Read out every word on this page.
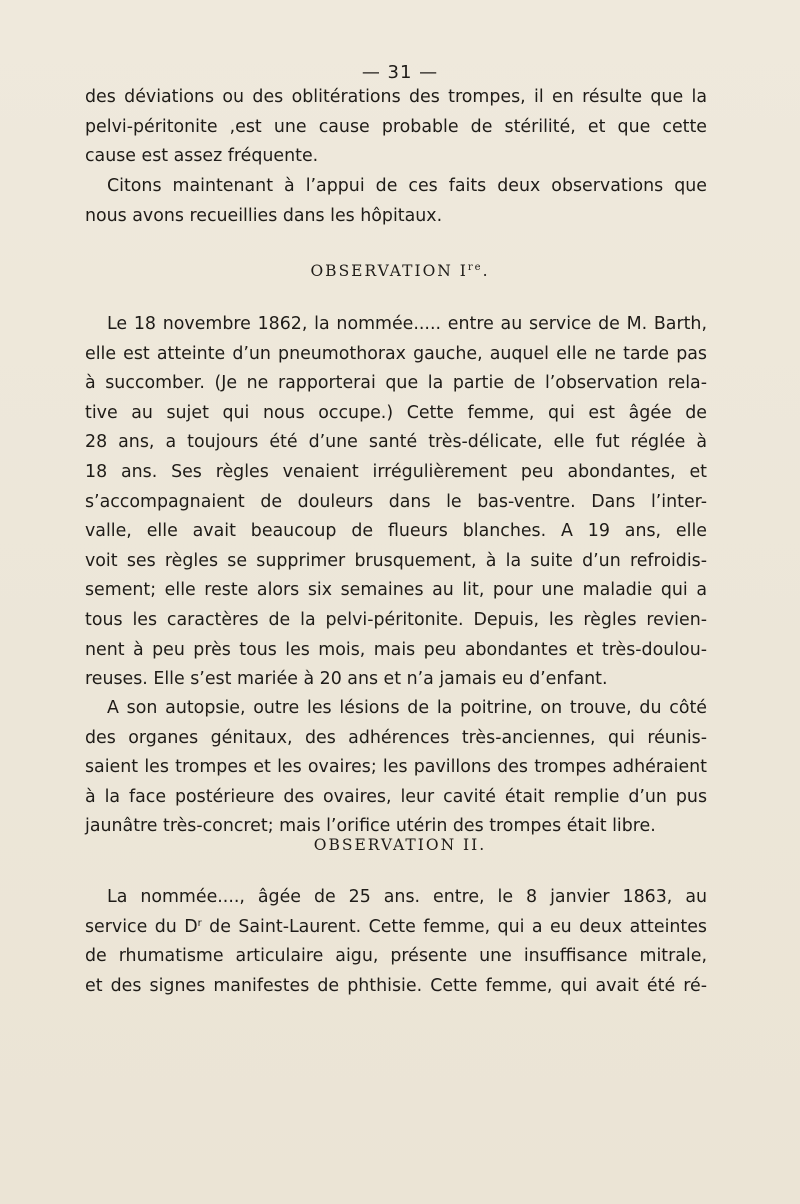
— 31 —
des déviations ou des oblitérations des trompes, il en résulte que la
pelvi-péritonite ,est une cause probable de stérilité, et que cette
cause est assez fréquente.
Citons maintenant à l’appui de ces faits deux observations que
nous avons recueillies dans les hôpitaux.
OBSERVATION Ire.
Le 18 novembre 1862, la nommée..... entre au service de M. Barth,
elle est atteinte d’un pneumothorax gauche, auquel elle ne tarde pas
à succomber. (Je ne rapporterai que la partie de l’observation rela-
tive au sujet qui nous occupe.) Cette femme, qui est âgée de
28 ans, a toujours été d’une santé très-délicate, elle fut réglée à
18 ans. Ses règles venaient irrégulièrement peu abondantes, et
s’accompagnaient de douleurs dans le bas-ventre. Dans l’inter-
valle, elle avait beaucoup de flueurs blanches. A 19 ans, elle
voit ses règles se supprimer brusquement, à la suite d’un refroidis-
sement; elle reste alors six semaines au lit, pour une maladie qui a
tous les caractères de la pelvi-péritonite. Depuis, les règles revien-
nent à peu près tous les mois, mais peu abondantes et très-doulou-
reuses. Elle s’est mariée à 20 ans et n’a jamais eu d’enfant.
A son autopsie, outre les lésions de la poitrine, on trouve, du côté
des organes génitaux, des adhérences très-anciennes, qui réunis-
saient les trompes et les ovaires; les pavillons des trompes adhéraient
à la face postérieure des ovaires, leur cavité était remplie d’un pus
jaunâtre très-concret; mais l’orifice utérin des trompes était libre.
OBSERVATION II.
La nommée...., âgée de 25 ans. entre, le 8 janvier 1863, au
service du $D^r$ de Saint-Laurent. Cette femme, qui a eu deux atteintes
de rhumatisme articulaire aigu, présente une insuffisance mitrale,
et des signes manifestes de phthisie. Cette femme, qui avait été ré-
